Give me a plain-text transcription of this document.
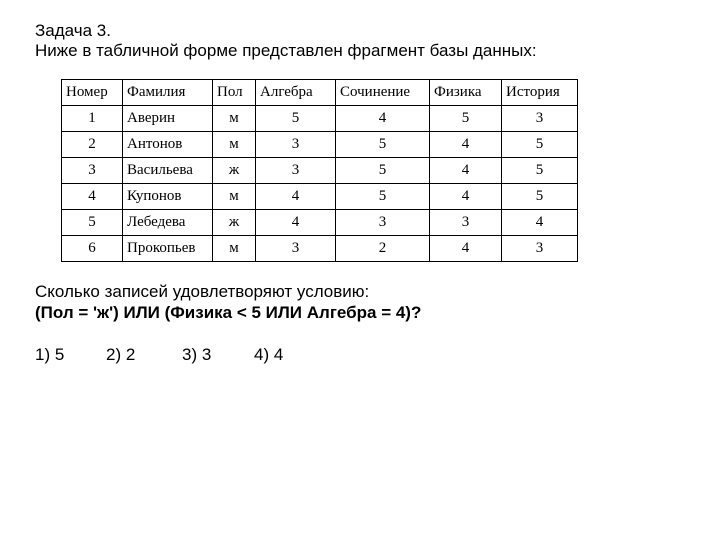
Задача 3.
Ниже в табличной форме представлен фрагмент базы данных:
Номер	Фамилия	Пол	Алгебра	Сочинение	Физика	История
1	Аверин	м	5	4	5	3
2	Антонов	м	3	5	4	5
3	Васильева	ж	3	5	4	5
4	Купонов	м	4	5	4	5
5	Лебедева	ж	4	3	3	4
6	Прокопьев	м	3	2	4	3
Сколько записей удовлетворяют условию:
(Пол = 'ж') ИЛИ (Физика < 5 ИЛИ Алгебра = 4)?
1) 5 2) 2	3) 3	4) 4
